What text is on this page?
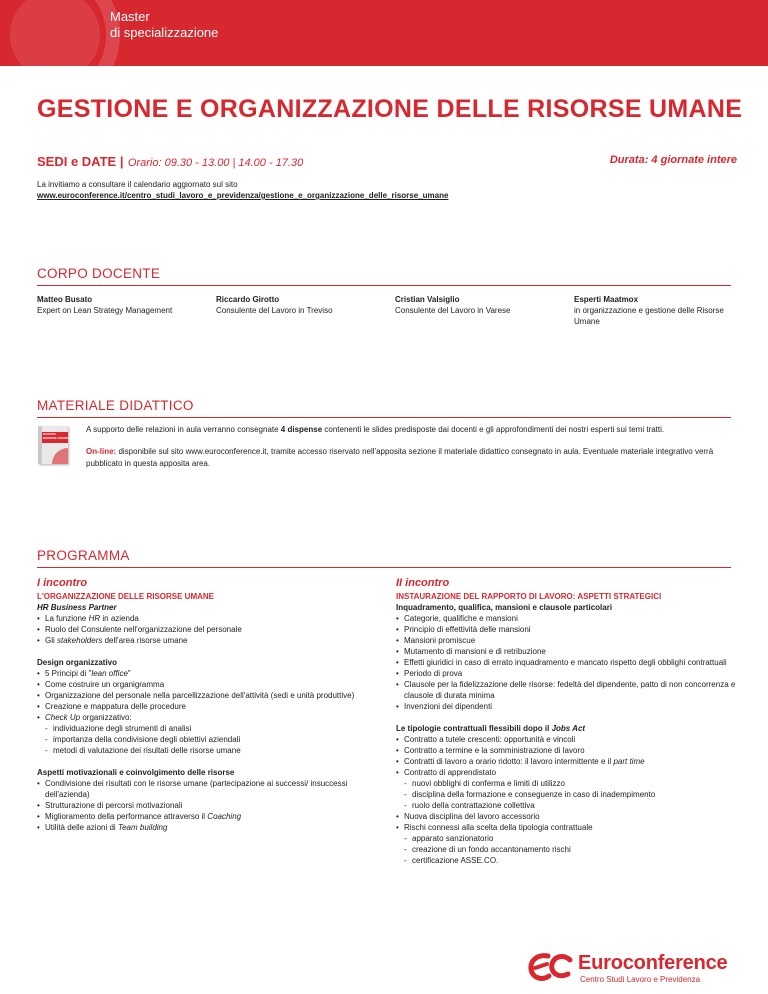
Master
di specializzazione
GESTIONE E ORGANIZZAZIONE DELLE RISORSE UMANE
SEDI e DATE | Orario: 09.30 - 13.00 | 14.00 - 17.30	Durata: 4 giornate intere
La invitiamo a consultare il calendario aggiornato sul sito
www.euroconference.it/centro_studi_lavoro_e_previdenza/gestione_e_organizzazione_delle_risorse_umane
CORPO DOCENTE
Matteo Busato
Expert on Lean Strategy Management
Riccardo Girotto
Consulente del Lavoro in Treviso
Cristian Valsiglio
Consulente del Lavoro in Varese
Esperti Maatmox
in organizzazione e gestione delle Risorse Umane
MATERIALE DIDATTICO
MASTER
RISORSE UMANE
A supporto delle relazioni in aula verranno consegnate 4 dispense contenenti le slides predisposte dai docenti e gli approfondimenti dei nostri esperti sui temi tratti.
On-line: disponibile sul sito www.euroconference.it, tramite accesso riservato nell'apposita sezione il materiale didattico consegnato in aula. Eventuale materiale integrativo verrà pubblicato in questa apposita area.
PROGRAMMA
I incontro
L'ORGANIZZAZIONE DELLE RISORSE UMANE
HR Business Partner
• La funzione HR in azienda
• Ruolo del Consulente nell'organizzazione del personale
• Gli stakeholders dell'area risorse umane
Design organizzativo
• 5 Principi di "lean office"
• Come costruire un organigramma
• Organizzazione del personale nella parcellizzazione dell'attività (sedi e unità produttive)
• Creazione e mappatura delle procedure
• Check Up organizzativo:
- individuazione degli strumenti di analisi
- importanza della condivisione degli obiettivi aziendali
- metodi di valutazione dei risultati delle risorse umane
Aspetti motivazionali e coinvolgimento delle risorse
• Condivisione dei risultati con le risorse umane (partecipazione ai successi/ insuccessi dell'azienda)
• Strutturazione di percorsi motivazionali
• Miglioramento della performance attraverso il Coaching
• Utilità delle azioni di Team building
II incontro
INSTAURAZIONE DEL RAPPORTO DI LAVORO: ASPETTI STRATEGICI
Inquadramento, qualifica, mansioni e clausole particolari
• Categorie, qualifiche e mansioni
• Principio di effettività delle mansioni
• Mansioni promiscue
• Mutamento di mansioni e di retribuzione
• Effetti giuridici in caso di errato inquadramento e mancato rispetto degli obblighi contrattuali
• Periodo di prova
• Clausole per la fidelizzazione delle risorse: fedeltà del dipendente, patto di non concorrenza e clausole di durata minima
• Invenzioni dei dipendenti
Le tipologie contrattuali flessibili dopo il Jobs Act
• Contratto a tutele crescenti: opportunità e vincoli
• Contratto a termine e la somministrazione di lavoro
• Contratti di lavoro a orario ridotto: il lavoro intermittente e il part time
• Contratto di apprendistato
- nuovi obblighi di conferma e limiti di utilizzo
- disciplina della formazione e conseguenze in caso di inadempimento
- ruolo della contrattazione collettiva
• Nuova disciplina del lavoro accessorio
• Rischi connessi alla scelta della tipologia contrattuale
- apparato sanzionatorio
- creazione di un fondo accantonamento rischi
- certificazione ASSE.CO.
Euroconference
Centro Studi Lavoro e Previdenza
